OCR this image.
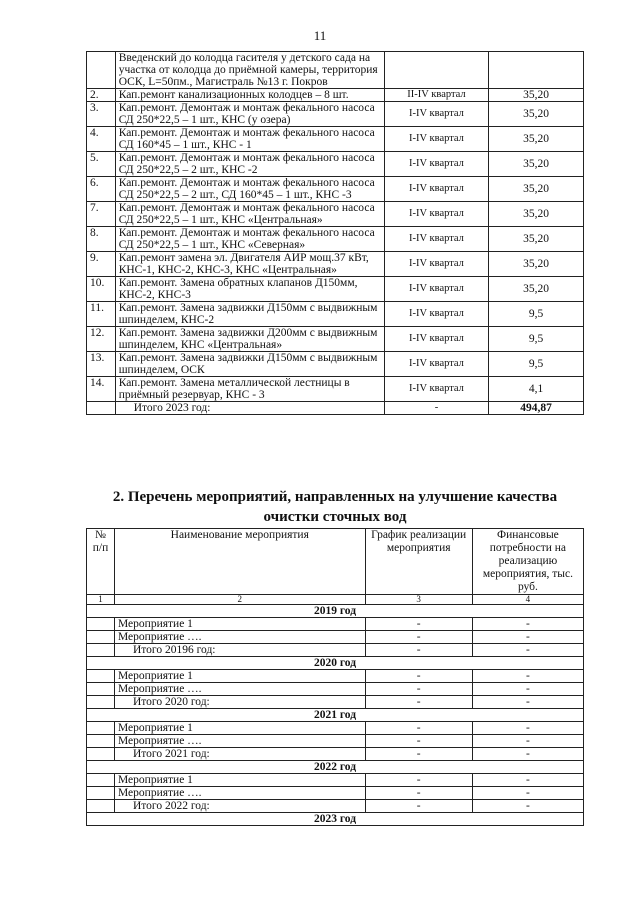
11
	Введенский до колодца гасителя у детского сада на участка от колодца до приёмной камеры, территория ОСК, L=50пм., Магистраль №13 г. Покров		
2.	Кап.ремонт канализационных колодцев – 8 шт.	II-IV квартал	35,20
3.	Кап.ремонт. Демонтаж и монтаж фекального насоса СД 250*22,5 – 1 шт., КНС (у озера)	I-IV квартал	35,20
4.	Кап.ремонт. Демонтаж и монтаж фекального насоса СД 160*45 – 1 шт., КНС - 1	I-IV квартал	35,20
5.	Кап.ремонт. Демонтаж и монтаж фекального насоса СД 250*22,5 – 2 шт., КНС -2	I-IV квартал	35,20
6.	Кап.ремонт. Демонтаж и монтаж фекального насоса СД 250*22,5 – 2 шт., СД 160*45 – 1 шт., КНС -3	I-IV квартал	35,20
7.	Кап.ремонт. Демонтаж и монтаж фекального насоса СД 250*22,5 – 1 шт., КНС «Центральная»	I-IV квартал	35,20
8.	Кап.ремонт. Демонтаж и монтаж фекального насоса СД 250*22,5 – 1 шт., КНС «Северная»	I-IV квартал	35,20
9.	Кап.ремонт замена эл. Двигателя АИР мощ.37 кВт, КНС-1, КНС-2, КНС-3, КНС «Центральная»	I-IV квартал	35,20
10.	Кап.ремонт. Замена обратных клапанов Д150мм, КНС-2, КНС-3	I-IV квартал	35,20
11.	Кап.ремонт. Замена задвижки Д150мм с выдвижным шпинделем, КНС-2	I-IV квартал	9,5
12.	Кап.ремонт. Замена задвижки Д200мм с выдвижным шпинделем, КНС «Центральная»	I-IV квартал	9,5
13.	Кап.ремонт. Замена задвижки Д150мм с выдвижным шпинделем, ОСК	I-IV квартал	9,5
14.	Кап.ремонт. Замена металлической лестницы в приёмный резервуар, КНС - 3	I-IV квартал	4,1
	Итого 2023 год:	-	494,87
2. Перечень мероприятий, направленных на улучшение качества очистки сточных вод
№ п/п	Наименование мероприятия	График реализации мероприятия	Финансовые потребности на реализацию мероприятия, тыс. руб.
1	2	3	4
2019 год			
	Мероприятие 1	-	-
	Мероприятие ….	-	-
	Итого 20196 год:	-	-
2020 год			
	Мероприятие 1	-	-
	Мероприятие ….	-	-
	Итого 2020 год:	-	-
2021 год			
	Мероприятие 1	-	-
	Мероприятие ….	-	-
	Итого 2021 год:	-	-
2022 год			
	Мероприятие 1	-	-
	Мероприятие ….	-	-
	Итого 2022 год:	-	-
2023 год			
